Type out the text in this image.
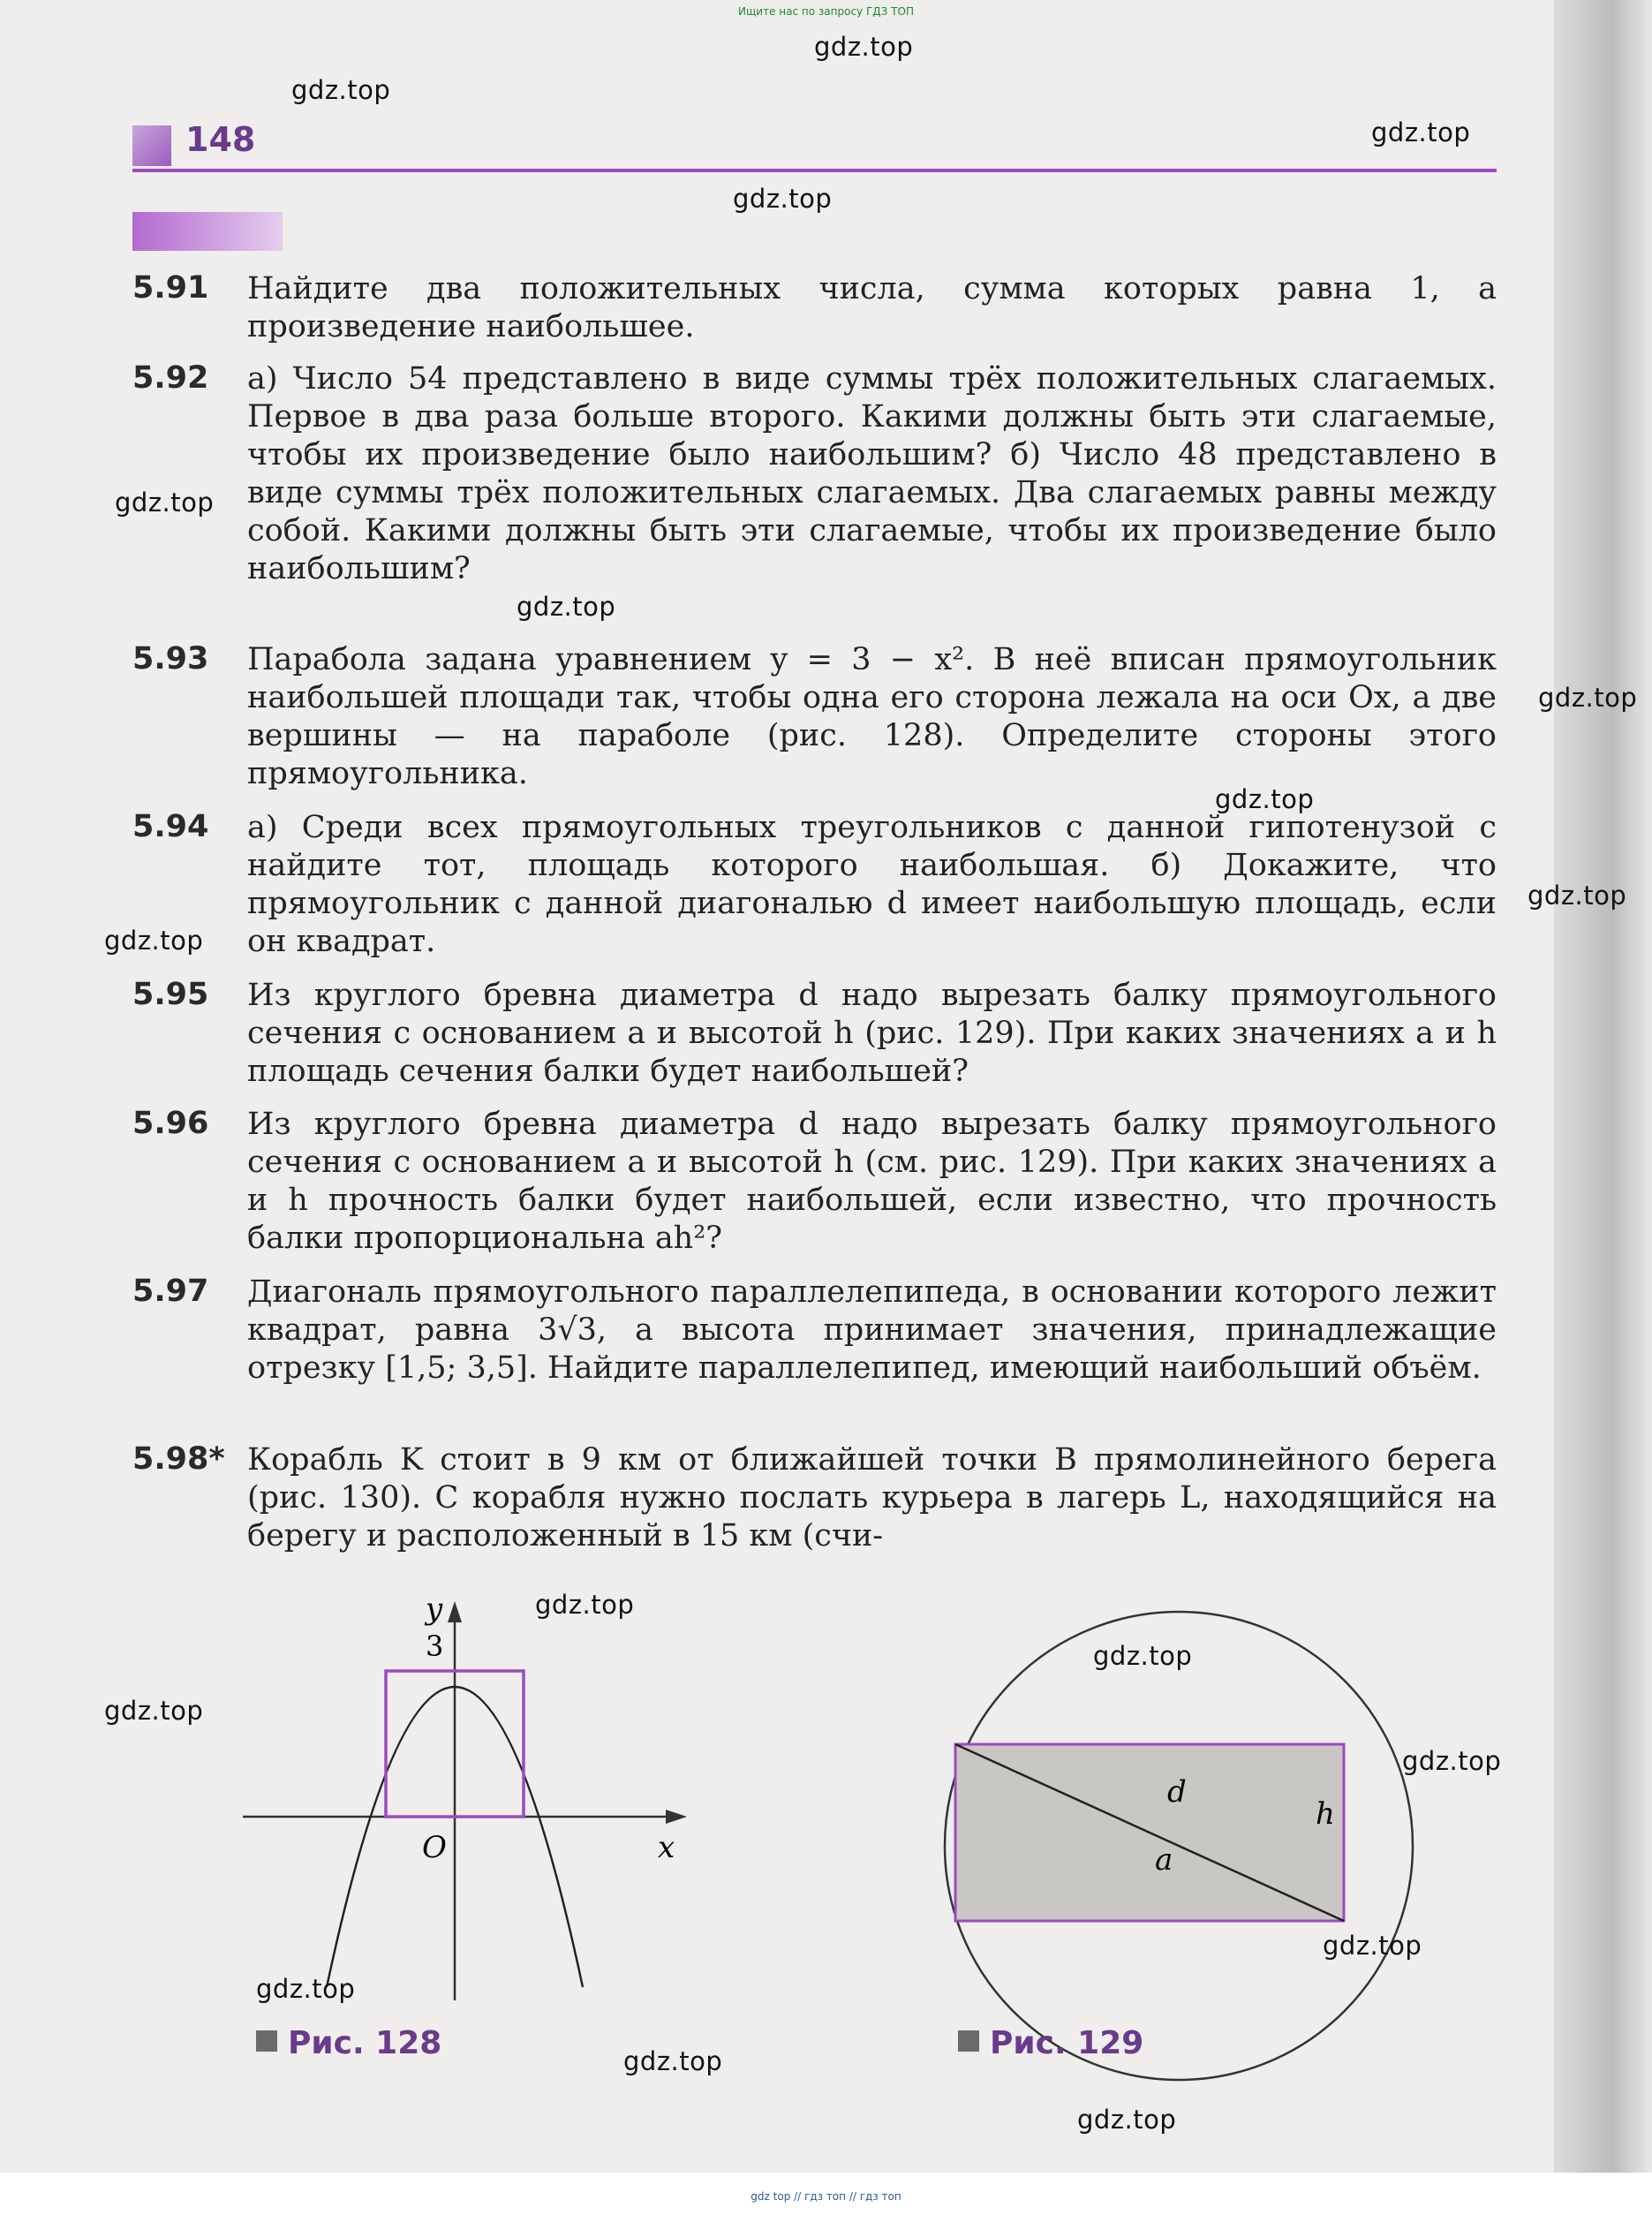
Ищите нас по запросу ГДЗ ТОП
148
5.91	Найдите два положительных числа, сумма которых равна 1, а произведение наибольшее.
5.92	а) Число 54 представлено в виде суммы трёх положительных слагаемых. Первое в два раза больше второго. Какими должны быть эти слагаемые, чтобы их произведение было наибольшим? б) Число 48 представлено в виде суммы трёх положительных слагаемых. Два слагаемых равны между собой. Какими должны быть эти слагаемые, чтобы их произведение было наибольшим?
5.93	Парабола задана уравнением y = 3 − x². В неё вписан прямоугольник наибольшей площади так, чтобы одна его сторона лежала на оси Ox, а две вершины — на параболе (рис. 128). Определите стороны этого прямоугольника.
5.94	а) Среди всех прямоугольных треугольников с данной гипотенузой c найдите тот, площадь которого наибольшая. б) Докажите, что прямоугольник с данной диагональю d имеет наибольшую площадь, если он квадрат.
5.95	Из круглого бревна диаметра d надо вырезать балку прямоугольного сечения с основанием a и высотой h (рис. 129). При каких значениях a и h площадь сечения балки будет наибольшей?
5.96	Из круглого бревна диаметра d надо вырезать балку прямоугольного сечения с основанием a и высотой h (см. рис. 129). При каких значениях a и h прочность балки будет наибольшей, если известно, что прочность балки пропорциональна ah²?
5.97	Диагональ прямоугольного параллелепипеда, в основании которого лежит квадрат, равна 3√3, а высота принимает значения, принадлежащие отрезку [1,5; 3,5]. Найдите параллелепипед, имеющий наибольший объём.
5.98* Корабль K стоит в 9 км от ближайшей точки B прямолинейного берега (рис. 130). С корабля нужно послать курьера в лагерь L, находящийся на берегу и расположенный в 15 км (счи-
y
3
O	x
Рис. 128
d
h
a
Рис. 129
gdz.top
gdz.top
gdz.top
gdz.top
gdz.top
gdz.top
gdz.top
gdz.top
gdz.top
gdz.top
gdz.top
gdz.top
gdz.top
gdz.top
gdz.top
gdz.top
gdz.top
gdz.top
gdz top // гдз топ // гдз топ
